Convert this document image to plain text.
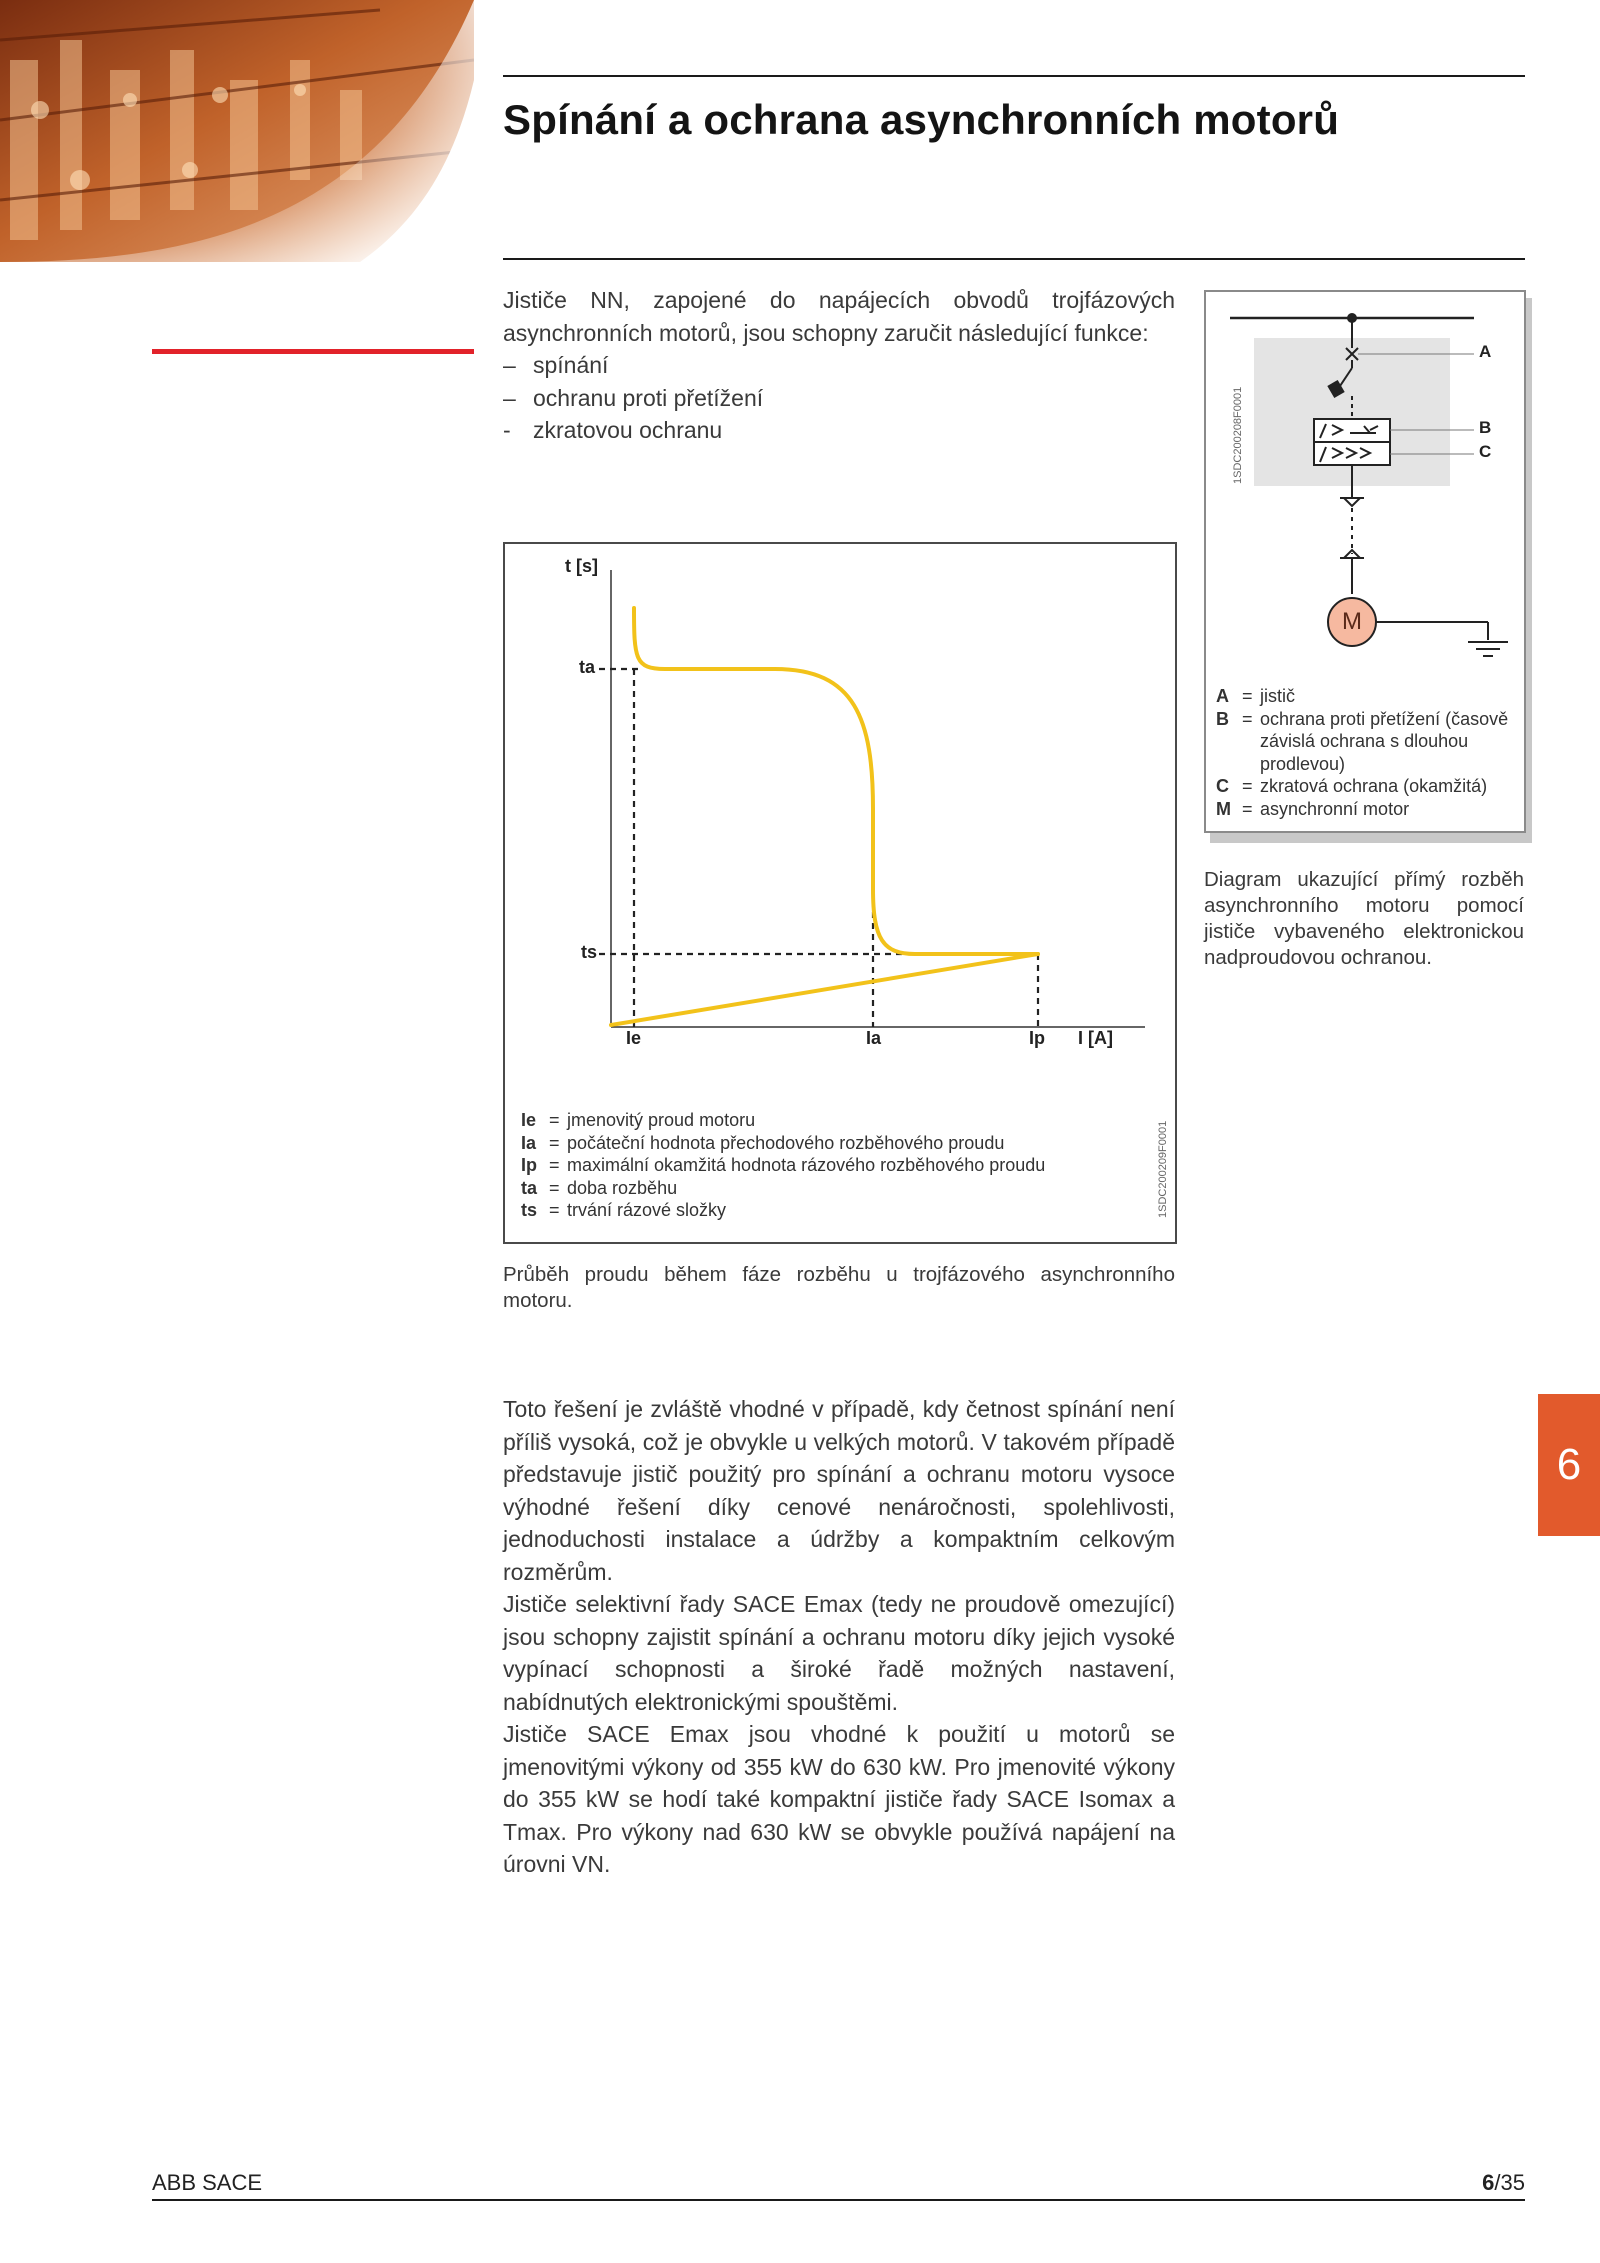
Spínání a ochrana asynchronních motorů
Jističe NN, zapojené do napájecích obvodů trojfázových asynchronních motorů, jsou schopny zaručit následující funkce:
– spínání
– ochranu proti přetížení
- zkratovou ochranu
t [s]
ta
ts
Ie	Ia	Ip I [A]
Ie = jmenovitý proud motoru
Ia = počáteční hodnota přechodového rozběhového proudu
Ip = maximální okamžitá hodnota rázového rozběhového proudu
ta = doba rozběhu
ts = trvání rázové složky	1SDC200209F0001
Průběh proudu během fáze rozběhu u trojfázového asynchronního motoru.
A
B
C
M
1SDC200208F0001
A = jistič
B = ochrana proti přetížení (časově závislá ochrana s dlouhou prodlevou)
C = zkratová ochrana (okamžitá)
M = asynchronní motor
Diagram ukazující přímý rozběh asynchronního motoru pomocí jističe vybaveného elektronickou nadproudovou ochranou.

Toto řešení je zvláště vhodné v případě, kdy četnost spínání není příliš vysoká, což je obvykle u velkých motorů. V takovém případě představuje jistič použitý pro spínání a ochranu motoru vysoce výhodné řešení díky cenové nenáročnosti, spolehlivosti, jednoduchosti instalace a údržby a kompaktním celkovým rozměrům.

Jističe selektivní řady SACE Emax (tedy ne proudově omezující) jsou schopny zajistit spínání a ochranu motoru díky jejich vysoké vypínací schopnosti a široké řadě možných nastavení, nabídnutých elektronickými spouštěmi.

Jističe SACE Emax jsou vhodné k použití u motorů se jmenovitými výkony od 355 kW do 630 kW. Pro jmenovité výkony do 355 kW se hodí také kompaktní jističe řady SACE Isomax a Tmax. Pro výkony nad 630 kW se obvykle používá napájení na úrovni VN.

6
ABB SACE	6/35
